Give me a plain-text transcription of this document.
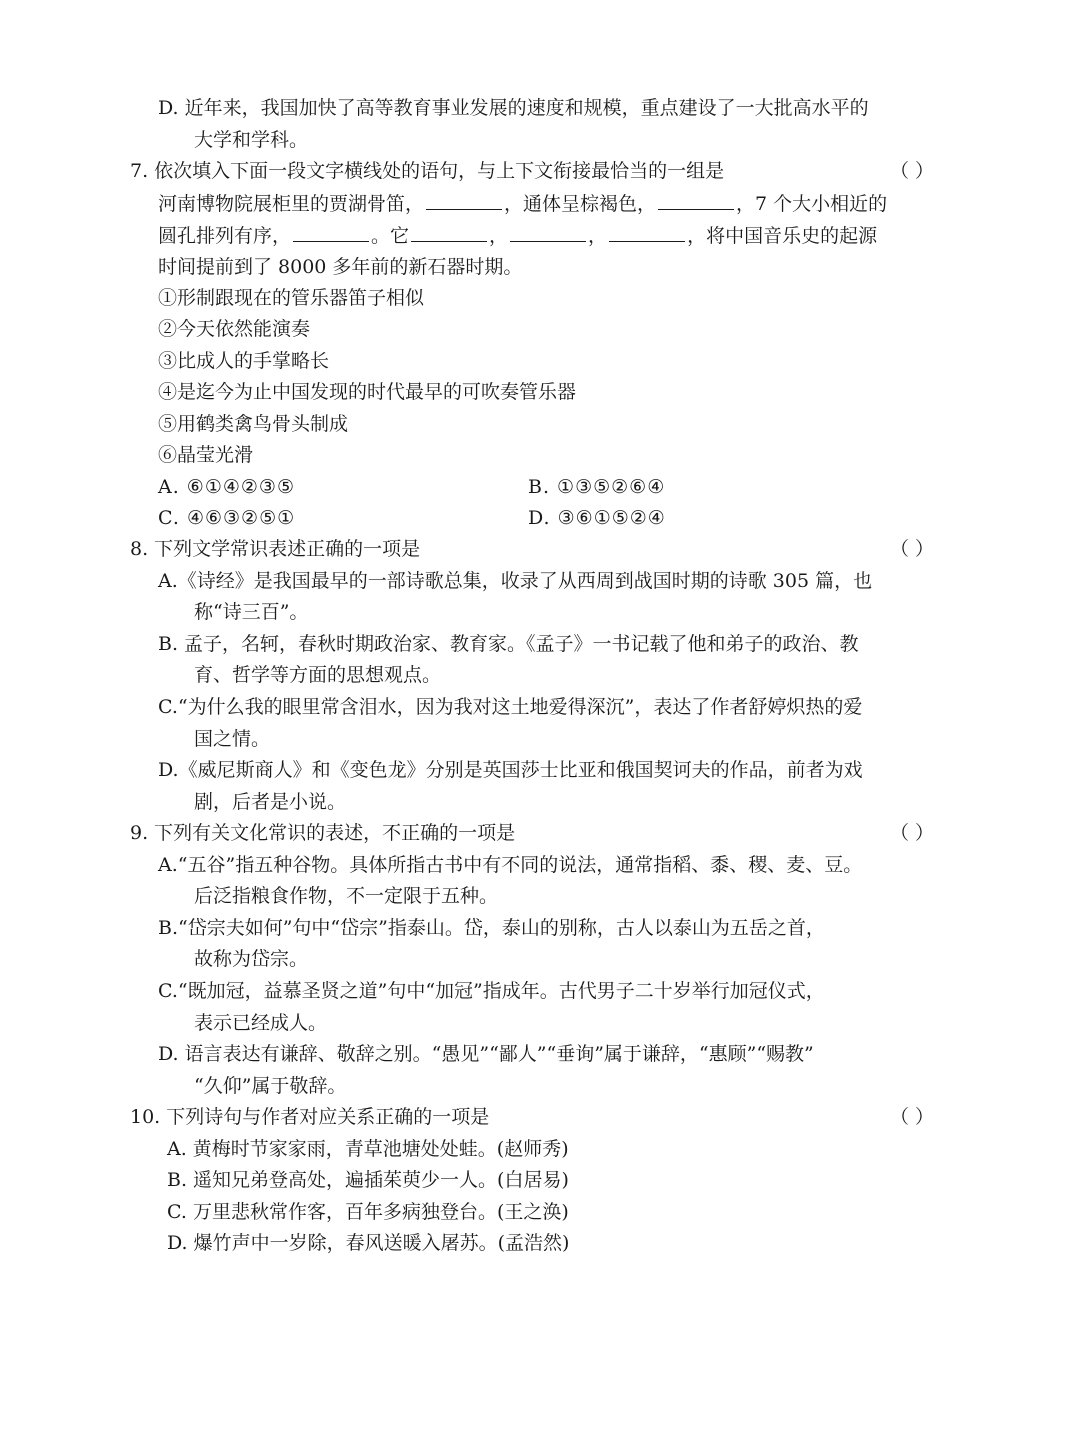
D. 近年来，我国加快了高等教育事业发展的速度和规模，重点建设了一大批高水平的
大学和学科。
7. 依次填入下面一段文字横线处的语句，与上下文衔接最恰当的一组是	（ ）
河南博物院展柜里的贾湖骨笛，	，通体呈棕褐色，	，7 个大小相近的
圆孔排列有序，	。它	，	，	，将中国音乐史的起源
时间提前到了 8000 多年前的新石器时期。
①形制跟现在的管乐器笛子相似
②今天依然能演奏
③比成人的手掌略长
④是迄今为止中国发现的时代最早的可吹奏管乐器
⑤用鹤类禽鸟骨头制成
⑥晶莹光滑
A. ⑥①④②③⑤	B. ①③⑤②⑥④
C. ④⑥③②⑤①	D. ③⑥①⑤②④
8. 下列文学常识表述正确的一项是	（ ）
A.《诗经》是我国最早的一部诗歌总集，收录了从西周到战国时期的诗歌 305 篇，也
称“诗三百”。
B. 孟子，名轲，春秋时期政治家、教育家。《孟子》一书记载了他和弟子的政治、教
育、哲学等方面的思想观点。
C.“为什么我的眼里常含泪水，因为我对这土地爱得深沉”，表达了作者舒婷炽热的爱
国之情。
D.《威尼斯商人》和《变色龙》分别是英国莎士比亚和俄国契诃夫的作品，前者为戏
剧，后者是小说。
9. 下列有关文化常识的表述，不正确的一项是	（ ）
A.“五谷”指五种谷物。具体所指古书中有不同的说法，通常指稻、黍、稷、麦、豆。
后泛指粮食作物，不一定限于五种。
B.“岱宗夫如何”句中“岱宗”指泰山。岱，泰山的别称，古人以泰山为五岳之首，
故称为岱宗。
C.“既加冠，益慕圣贤之道”句中“加冠”指成年。古代男子二十岁举行加冠仪式，
表示已经成人。
D. 语言表达有谦辞、敬辞之别。“愚见”“鄙人”“垂询”属于谦辞，“惠顾”“赐教”
“久仰”属于敬辞。
10. 下列诗句与作者对应关系正确的一项是	（ ）
A. 黄梅时节家家雨，青草池塘处处蛙。(赵师秀)
B. 遥知兄弟登高处，遍插茱萸少一人。(白居易)
C. 万里悲秋常作客，百年多病独登台。(王之涣)
D. 爆竹声中一岁除，春风送暖入屠苏。(孟浩然)
